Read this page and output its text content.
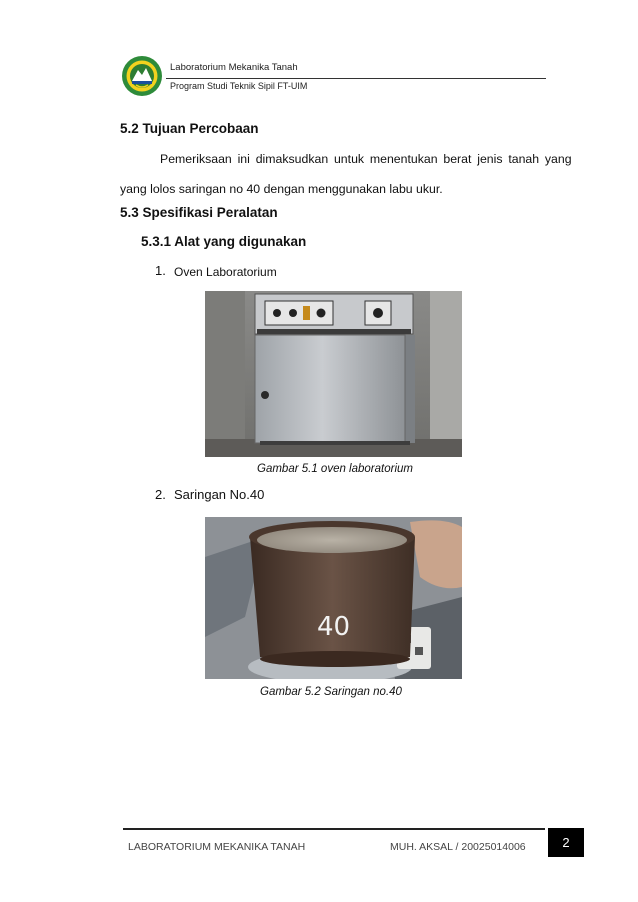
Laboratorium Mekanika Tanah
Program Studi Teknik Sipil FT-UIM
5.2 Tujuan Percobaan
Pemeriksaan ini dimaksudkan untuk menentukan berat jenis tanah yang
yang lolos saringan no 40 dengan menggunakan labu ukur.
5.3 Spesifikasi Peralatan
5.3.1 Alat yang digunakan
1. Oven Laboratorium
Gambar 5.1 oven laboratorium
2. Saringan No.40
40
Gambar 5.2 Saringan no.40
LABORATORIUM MEKANIKA TANAH	MUH. AKSAL / 20025014006	2
